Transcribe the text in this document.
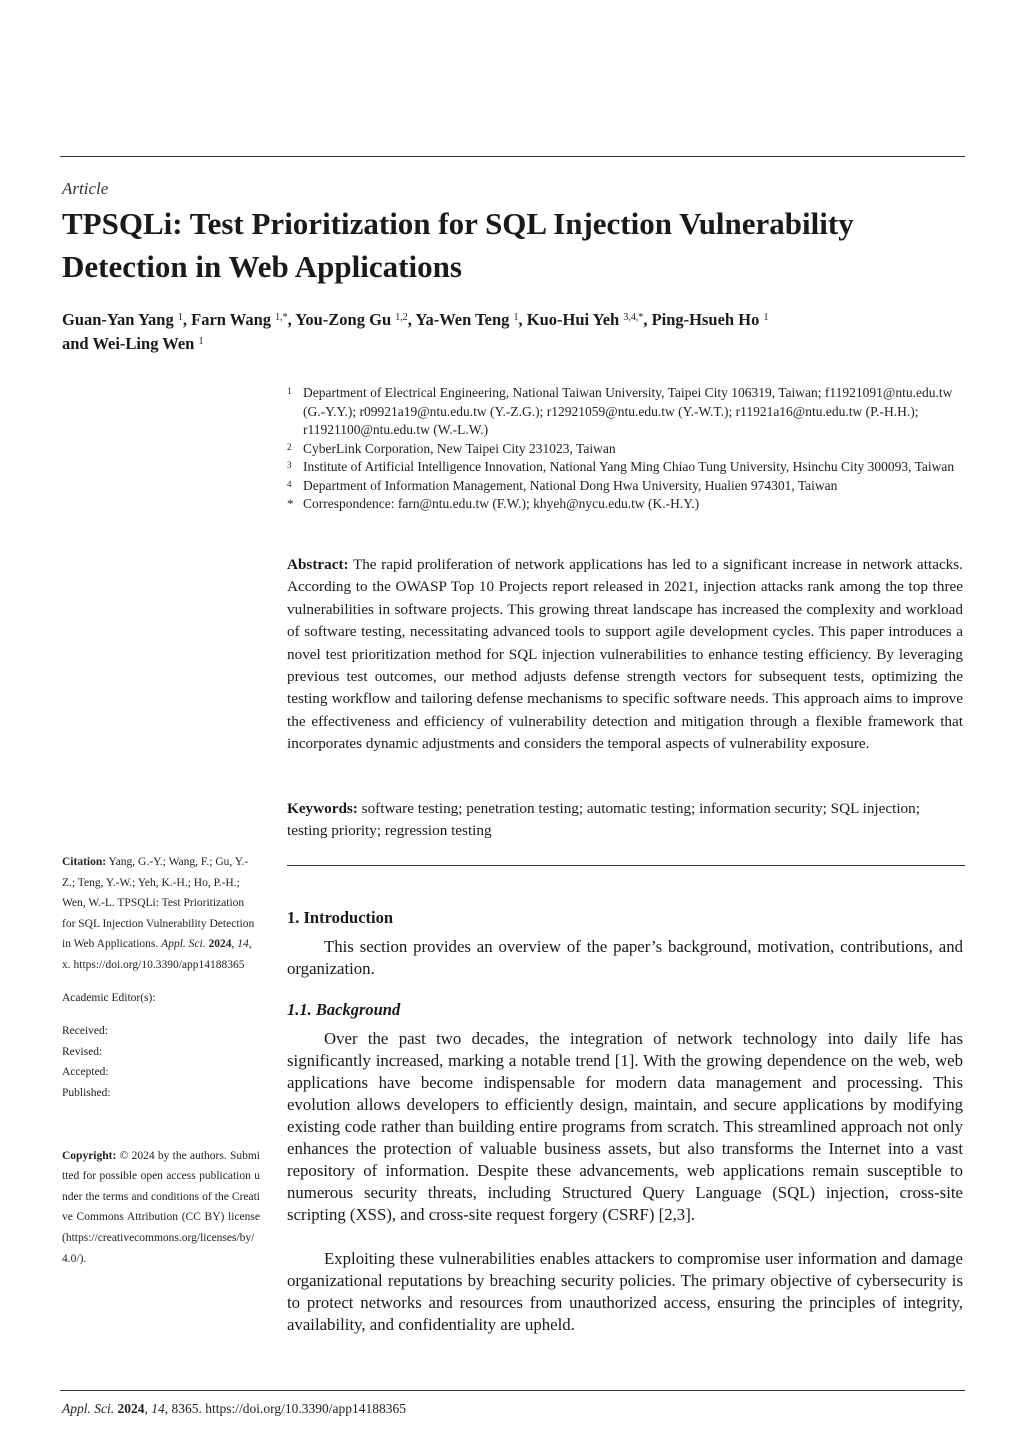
Article
TPSQLi: Test Prioritization for SQL Injection Vulnerability Detection in Web Applications
Guan-Yan Yang $^1$, Farn Wang $^{1,*}$, You-Zong Gu $^{1,2}$, Ya-Wen Teng $^1$, Kuo-Hui Yeh $^{3,4,*}$, Ping-Hsueh Ho $^1$
and Wei-Ling Wen $^1$
1 Department of Electrical Engineering, National Taiwan University, Taipei City 106319, Taiwan; f11921091@ntu.edu.tw (G.-Y.Y.); r09921a19@ntu.edu.tw (Y.-Z.G.); r12921059@ntu.edu.tw (Y.-W.T.); r11921a16@ntu.edu.tw (P.-H.H.); r11921100@ntu.edu.tw (W.-L.W.)
2 CyberLink Corporation, New Taipei City 231023, Taiwan
3 Institute of Artificial Intelligence Innovation, National Yang Ming Chiao Tung University, Hsinchu City 300093, Taiwan
4 Department of Information Management, National Dong Hwa University, Hualien 974301, Taiwan
* Correspondence: farn@ntu.edu.tw (F.W.); khyeh@nycu.edu.tw (K.-H.Y.)

Abstract: The rapid proliferation of network applications has led to a significant increase in network attacks. According to the OWASP Top 10 Projects report released in 2021, injection attacks rank among the top three vulnerabilities in software projects. This growing threat landscape has increased the complexity and workload of software testing, necessitating advanced tools to support agile development cycles. This paper introduces a novel test prioritization method for SQL injection vulnerabilities to enhance testing efficiency. By leveraging previous test outcomes, our method adjusts defense strength vectors for subsequent tests, optimizing the testing workflow and tailoring defense mechanisms to specific software needs. This approach aims to improve the effectiveness and efficiency of vulnerability detection and mitigation through a flexible framework that incorporates dynamic adjustments and considers the temporal aspects of vulnerability exposure.

Keywords: software testing; penetration testing; automatic testing; information security; SQL injection; testing priority; regression testing

Citation: Yang, G.-Y.; Wang, F.; Gu, Y.-Z.; Teng, Y.-W.; Yeh, K.-H.; Ho, P.-H.; Wen, W.-L. TPSQLi: Test Prioritization for SQL Injection Vulnerability Detection in Web Applications. Appl. Sci. 2024, 14, x. https://doi.org/10.3390/app14188365

Academic Editor(s):

Received:
Revised:
Accepted:
Published:

Copyright: © 2024 by the authors. Submitted for possible open access publication under the terms and conditions of the Creative Commons Attribution (CC BY) license (https://creativecommons.org/licenses/by/4.0/).

1. Introduction

This section provides an overview of the paper’s background, motivation, contributions, and organization.

1.1. Background

Over the past two decades, the integration of network technology into daily life has significantly increased, marking a notable trend [1]. With the growing dependence on the web, web applications have become indispensable for modern data management and processing. This evolution allows developers to efficiently design, maintain, and secure applications by modifying existing code rather than building entire programs from scratch. This streamlined approach not only enhances the protection of valuable business assets, but also transforms the Internet into a vast repository of information. Despite these advancements, web applications remain susceptible to numerous security threats, including Structured Query Language (SQL) injection, cross-site scripting (XSS), and cross-site request forgery (CSRF) [2,3].

Exploiting these vulnerabilities enables attackers to compromise user information and damage organizational reputations by breaching security policies. The primary objective of cybersecurity is to protect networks and resources from unauthorized access, ensuring the principles of integrity, availability, and confidentiality are upheld.

Appl. Sci. 2024, 14, 8365. https://doi.org/10.3390/app14188365
